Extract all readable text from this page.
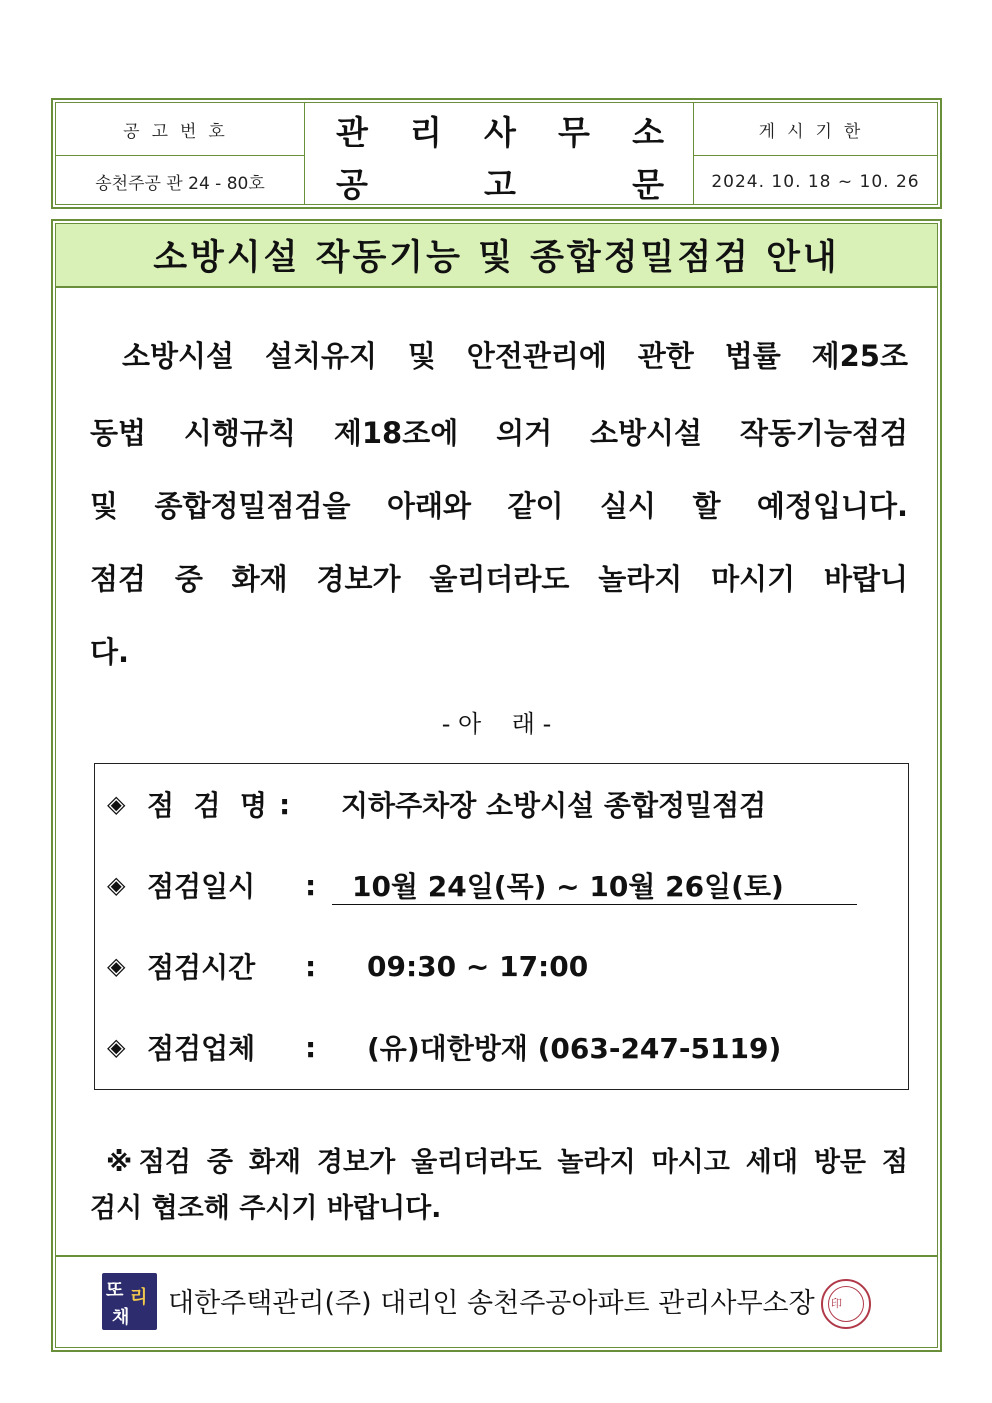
공고번호
송천주공 관 24 - 80호
관 리 사 무 소
공	고	문
게시기한
2024. 10. 18 ~ 10. 26
소방시설 작동기능 및 종합정밀점검 안내
소방시설 설치유지 및 안전관리에 관한 법률 제25조
동법 시행규칙 제18조에 의거 소방시설 작동기능점검
및 종합정밀점검을 아래와 같이 실시 할 예정입니다.
점검 중 화재 경보가 울리더라도 놀라지 마시기 바랍니
다.
- 아    래 -
◈ 점 검 명 :	지하주차장 소방시설 종합정밀점검
◈ 점검일시	:	10월 24일(목) ~ 10월 26일(토)
◈ 점검시간	:	09:30 ~ 17:00
◈ 점검업체	:	(유)대한방재 (063-247-5119)
※점검 중 화재 경보가 울리더라도 놀라지 마시고 세대 방문 점
검시 협조해 주시기 바랍니다.
또 리
채 대한주택관리(주) 대리인 송천주공아파트 관리사무소장 印
